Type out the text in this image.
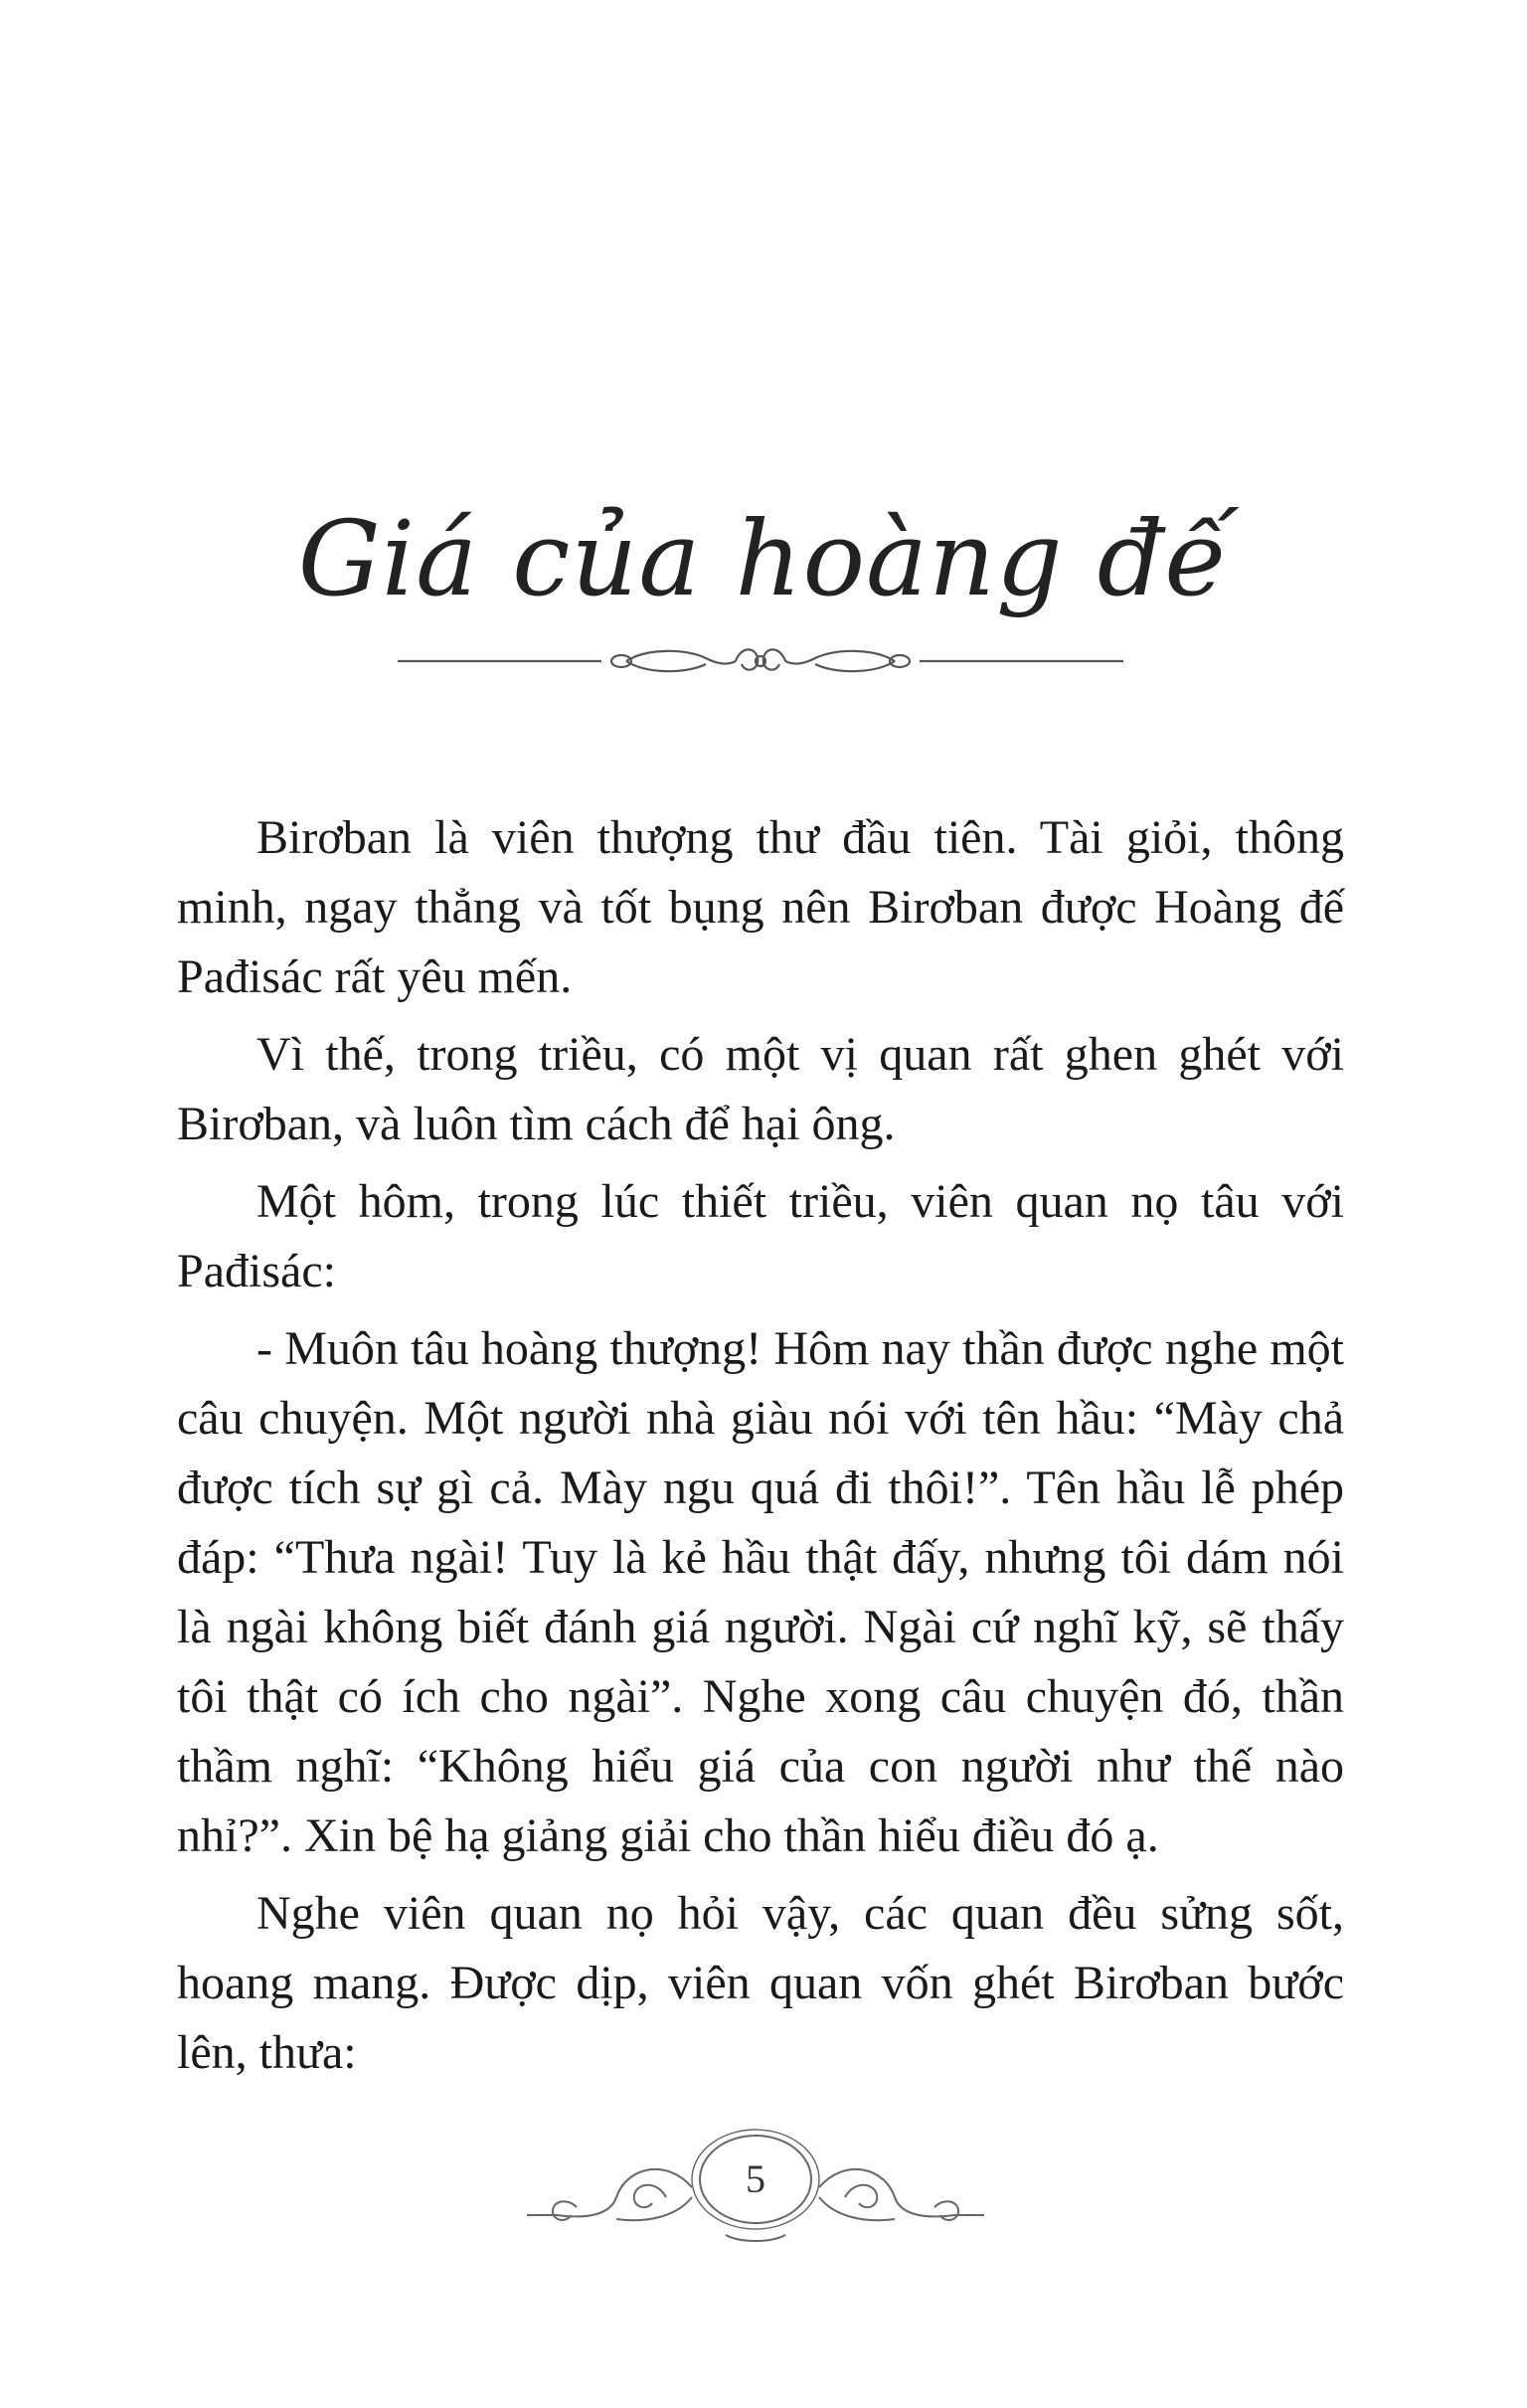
Giá của hoàng đế

Birơban là viên thượng thư đầu tiên. Tài giỏi, thông minh, ngay thẳng và tốt bụng nên Birơban được Hoàng đế Pađisác rất yêu mến.

Vì thế, trong triều, có một vị quan rất ghen ghét với Birơban, và luôn tìm cách để hại ông.

Một hôm, trong lúc thiết triều, viên quan nọ tâu với Pađisác:

- Muôn tâu hoàng thượng! Hôm nay thần được nghe một câu chuyện. Một người nhà giàu nói với tên hầu: “Mày chả được tích sự gì cả. Mày ngu quá đi thôi!”. Tên hầu lễ phép đáp: “Thưa ngài! Tuy là kẻ hầu thật đấy, nhưng tôi dám nói là ngài không biết đánh giá người. Ngài cứ nghĩ kỹ, sẽ thấy tôi thật có ích cho ngài”. Nghe xong câu chuyện đó, thần thầm nghĩ: “Không hiểu giá của con người như thế nào nhỉ?”. Xin bệ hạ giảng giải cho thần hiểu điều đó ạ.

Nghe viên quan nọ hỏi vậy, các quan đều sửng sốt, hoang mang. Được dịp, viên quan vốn ghét Birơban bước lên, thưa:

5
